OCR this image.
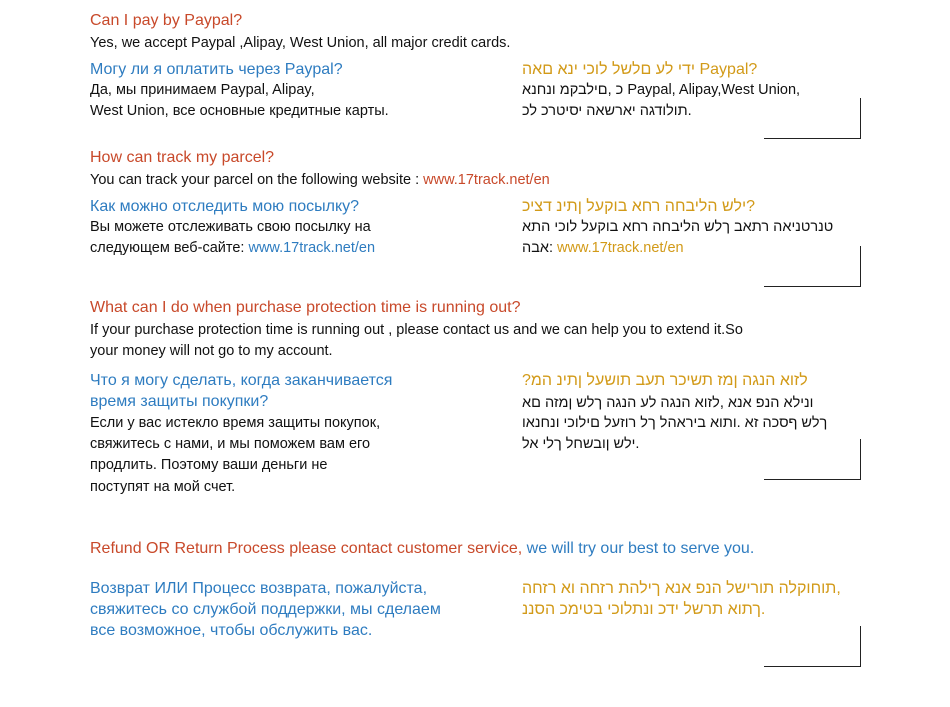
Can I pay by Paypal?
Yes, we accept Paypal ,Alipay, West Union, all major credit cards.
Могу ли я оплатить через Paypal?
Да, мы принимаем Paypal, Alipay,
West Union, все основные кредитные карты.
ידי לע םלשל לוכי ינא םאה Paypal?
כ ,םילבקמ ונחנא Paypal, Alipay,West Union,
תולודגה יארשאה יסיטרכ לכ.
How can track my parcel?
You can track your parcel on the following website : www.17track.net/en
Как можно отследить мою посылку?
Вы можете отслеживать свою посылку на
следующем веб-сайте: www.17track.net/en
ילש הליבחה רחא בוקעל ןתינ דציכ?
טנרטניאה רתאב ךלש הליבחה רחא בוקעל לוכי התא
אבה: www.17track.net/en
What can I do when purchase protection time is running out?
If your purchase protection time is running out , please contact us and we can help you to extend it.So
your money will not go to my account.
Что я могу сделать, когда заканчивается
время защиты покупки?
Если у вас истекло время защиты покупок,
свяжитесь с нами, и мы поможем вам его
продлить. Поэтому ваши деньги не
поступят на мой счет.
?לזוא הנגה ןמז תשיכר תעב תושעל ןתינ המ
ונילא הנפ אנא ,לזוא הנגה לע הנגה ךלש ןמזה םא
ךלש ףסכה זא .ותוא ביראהל ךל רוזעל םילוכי ונחנאו
ילש ןובשחל ךלי אל.
Refund OR Return Process please contact customer service, we will try our best to serve you.
Возврат ИЛИ Процесс возврата, пожалуйста,
свяжитесь со службой поддержки, мы сделаем
все возможное, чтобы обслужить вас.
תוחוקלה תורישל הנפ אנא ךילהת רזחה וא רזחה,
ךתוא תרשל ידכ ונתלוכי בטימכ הסננ.
